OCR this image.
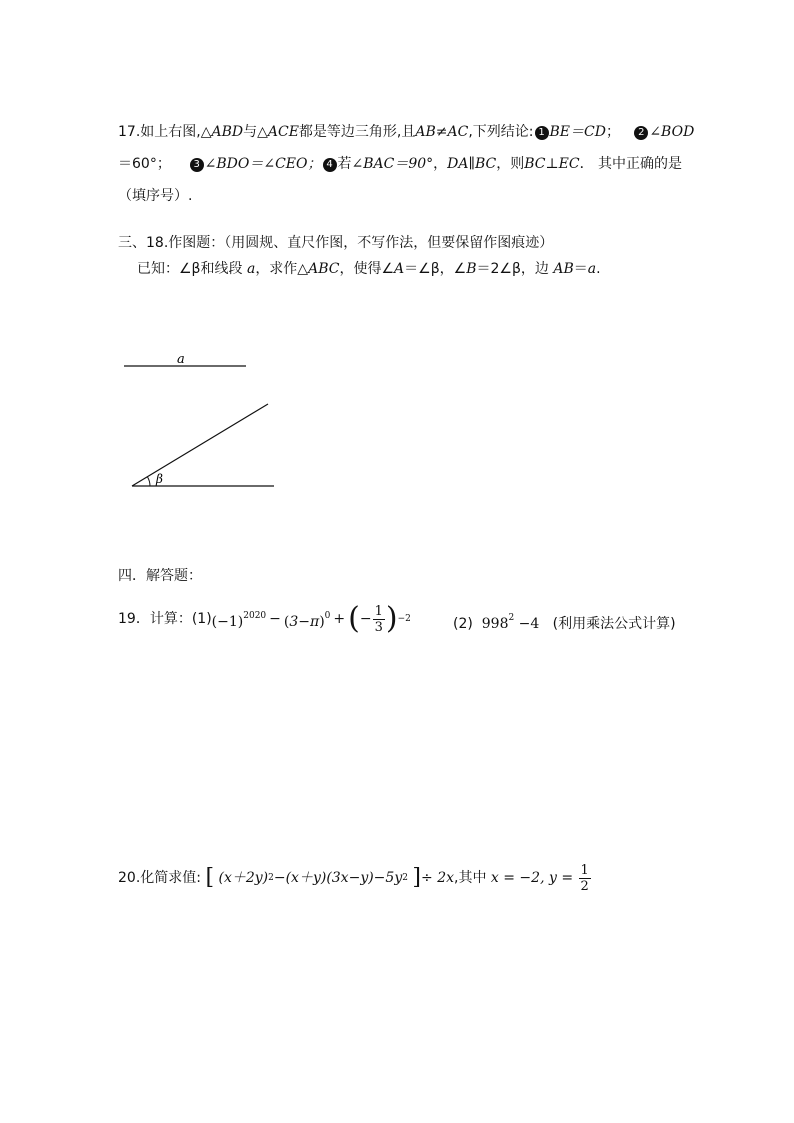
17.如上右图,△ABD与△ACE都是等边三角形,且AB≠AC,下列结论: 1 BE＝CD； 2 ∠BOD
＝60°； 3 ∠BDO＝∠CEO； 4 若∠BAC＝90°，DA∥BC，则BC⊥EC． 其中正确的是
（填序号）.
三、18.作图题：（用圆规、直尺作图，不写作法，但要保留作图痕迹）
已知：∠β和线段 a，求作△ABC，使得∠A＝∠β，∠B＝2∠β，边 AB＝a.
a
β
四．解答题：
19．计算： (1) $(-1)^{2020} - (3-\pi)^0$ + ( − $\frac{1}{3}$ ) −2	(2) $998^2 -4$ (利用乘法公式计算)
20.化简求值:
[
(x＋2y) 2 −(x＋y)(3x−y)−5y 2
] ÷ 2x ,其中
x = −2, y =
$\frac{1}{2}$
